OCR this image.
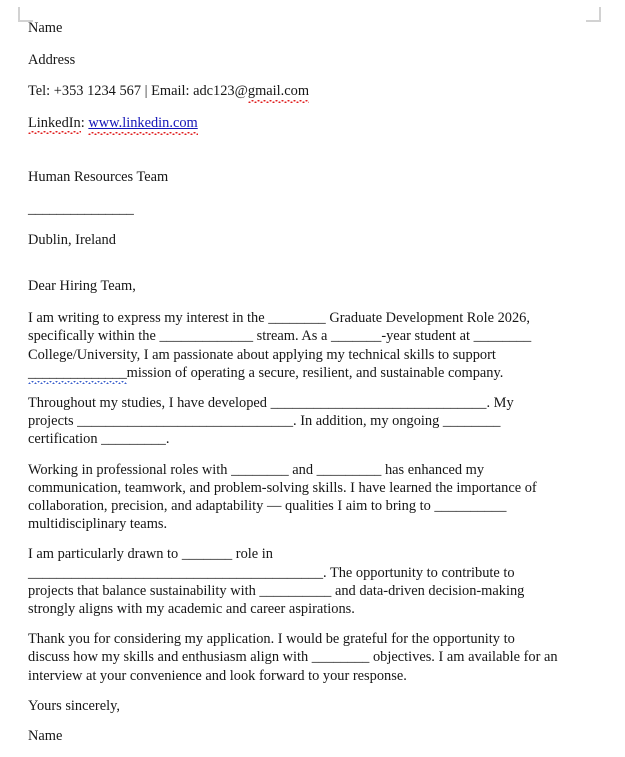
Name

Address

Tel: +353 1234 567 | Email: adc123@gmail.com

LinkedIn: www.linkedin.com

Human Resources Team

_______________

Dublin, Ireland

Dear Hiring Team,

I am writing to express my interest in the ________ Graduate Development Role 2026, specifically within the _____________ stream. As a _______-year student at ________ College/University, I am passionate about applying my technical skills to support ______________mission of operating a secure, resilient, and sustainable company.

Throughout my studies, I have developed ______________________________. My projects ______________________________. In addition, my ongoing ________ certification _________.

Working in professional roles with ________ and _________ has enhanced my communication, teamwork, and problem-solving skills. I have learned the importance of collaboration, precision, and adaptability — qualities I aim to bring to __________ multidisciplinary teams.

I am particularly drawn to _______ role in _________________________________________. The opportunity to contribute to projects that balance sustainability with __________ and data-driven decision-making strongly aligns with my academic and career aspirations.

Thank you for considering my application. I would be grateful for the opportunity to discuss how my skills and enthusiasm align with ________ objectives. I am available for an interview at your convenience and look forward to your response.

Yours sincerely,

Name
